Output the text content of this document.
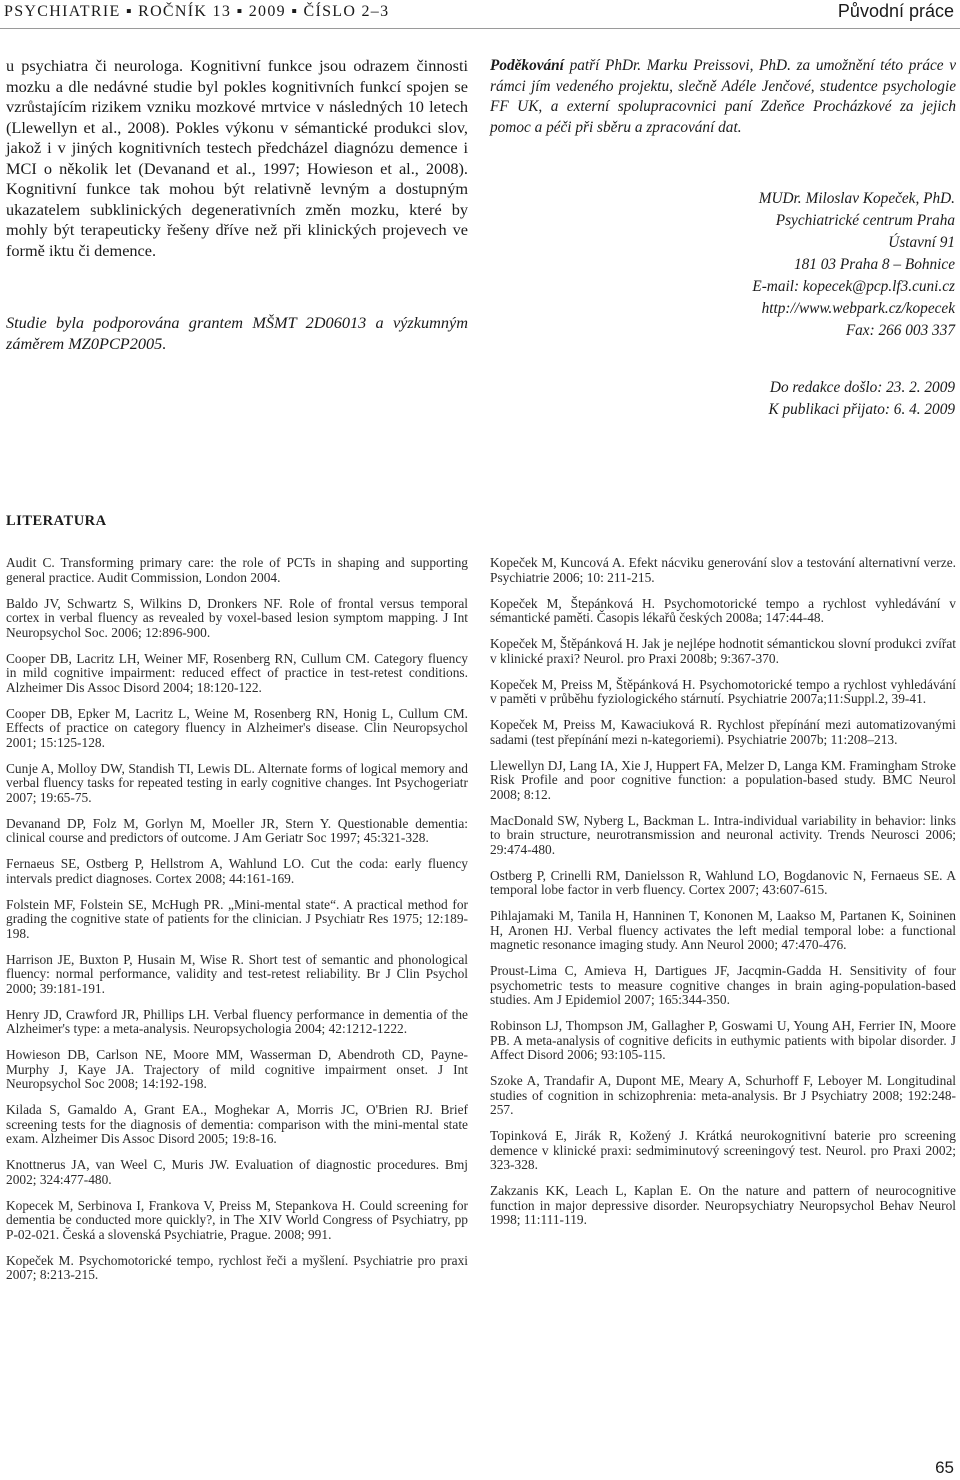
PSYCHIATRIE ▪ ROČNÍK 13 ▪ 2009 ▪ ČÍSLO 2–3	Původní práce
u psychiatra či neurologa. Kognitivní funkce jsou odrazem činnosti mozku a dle nedávné studie byl pokles kognitivních funkcí spojen se vzrůstajícím rizikem vzniku mozkové mrtvice v následných 10 letech (Llewellyn et al., 2008). Pokles výkonu v sémantické produkci slov, jakož i v jiných kognitivních testech předcházel diagnózu demence i MCI o několik let (Devanand et al., 1997; Howieson et al., 2008). Kognitivní funkce tak mohou být relativně levným a dostupným ukazatelem subklinických degenerativních změn mozku, které by mohly být terapeuticky řešeny dříve než při klinických projevech ve formě iktu či demence.
Studie byla podporována grantem MŠMT 2D06013 a výzkumným záměrem MZ0PCP2005.
Poděkování patří PhDr. Marku Preissovi, PhD. za umožnění této práce v rámci jím vedeného projektu, slečně Adéle Jenčové, studentce psychologie FF UK, a externí spolupracovnici paní Zdeňce Procházkové za jejich pomoc a péči při sběru a zpracování dat.
MUDr. Miloslav Kopeček, PhD.
Psychiatrické centrum Praha
Ústavní 91
181 03 Praha 8 – Bohnice
E-mail: kopecek@pcp.lf3.cuni.cz
http://www.webpark.cz/kopecek
Fax: 266 003 337
Do redakce došlo: 23. 2. 2009
K publikaci přijato: 6. 4. 2009
LITERATURA
Audit C. Transforming primary care: the role of PCTs in shaping and supporting general practice. Audit Commission, London 2004.
Baldo JV, Schwartz S, Wilkins D, Dronkers NF. Role of frontal versus temporal cortex in verbal fluency as revealed by voxel-based lesion symptom mapping. J Int Neuropsychol Soc. 2006; 12:896-900.
Cooper DB, Lacritz LH, Weiner MF, Rosenberg RN, Cullum CM. Category fluency in mild cognitive impairment: reduced effect of practice in test-retest conditions. Alzheimer Dis Assoc Disord 2004; 18:120-122.
Cooper DB, Epker M, Lacritz L, Weine M, Rosenberg RN, Honig L, Cullum CM. Effects of practice on category fluency in Alzheimer's disease. Clin Neuropsychol 2001; 15:125-128.
Cunje A, Molloy DW, Standish TI, Lewis DL. Alternate forms of logical memory and verbal fluency tasks for repeated testing in early cognitive changes. Int Psychogeriatr 2007; 19:65-75.
Devanand DP, Folz M, Gorlyn M, Moeller JR, Stern Y. Questionable dementia: clinical course and predictors of outcome. J Am Geriatr Soc 1997; 45:321-328.
Fernaeus SE, Ostberg P, Hellstrom A, Wahlund LO. Cut the coda: early fluency intervals predict diagnoses. Cortex 2008; 44:161-169.
Folstein MF, Folstein SE, McHugh PR. „Mini-mental state“. A practical method for grading the cognitive state of patients for the clinician. J Psychiatr Res 1975; 12:189-198.
Harrison JE, Buxton P, Husain M, Wise R. Short test of semantic and phonological fluency: normal performance, validity and test-retest reliability. Br J Clin Psychol 2000; 39:181-191.
Henry JD, Crawford JR, Phillips LH. Verbal fluency performance in dementia of the Alzheimer's type: a meta-analysis. Neuropsychologia 2004; 42:1212-1222.
Howieson DB, Carlson NE, Moore MM, Wasserman D, Abendroth CD, Payne-Murphy J, Kaye JA. Trajectory of mild cognitive impairment onset. J Int Neuropsychol Soc 2008; 14:192-198.
Kilada S, Gamaldo A, Grant EA., Moghekar A, Morris JC, O'Brien RJ. Brief screening tests for the diagnosis of dementia: comparison with the mini-mental state exam. Alzheimer Dis Assoc Disord 2005; 19:8-16.
Knottnerus JA, van Weel C, Muris JW. Evaluation of diagnostic procedures. Bmj 2002; 324:477-480.
Kopecek M, Serbinova I, Frankova V, Preiss M, Stepankova H. Could screening for dementia be conducted more quickly?, in The XIV World Congress of Psychiatry, pp P-02-021. Česká a slovenská Psychiatrie, Prague. 2008; 991.
Kopeček M. Psychomotorické tempo, rychlost řeči a myšlení. Psychiatrie pro praxi 2007; 8:213-215.
Kopeček M, Kuncová A. Efekt nácviku generování slov a testování alternativní verze. Psychiatrie 2006; 10: 211-215.
Kopeček M, Štepánková H. Psychomotorické tempo a rychlost vyhledávání v sémantické paměti. Časopis lékařů českých 2008a; 147:44-48.
Kopeček M, Štěpánková H. Jak je nejlépe hodnotit sémantickou slovní produkci zvířat v klinické praxi? Neurol. pro Praxi 2008b; 9:367-370.
Kopeček M, Preiss M, Štěpánková H. Psychomotorické tempo a rychlost vyhledávání v paměti v průběhu fyziologického stárnutí. Psychiatrie 2007a;11:Suppl.2, 39-41.
Kopeček M, Preiss M, Kawaciuková R. Rychlost přepínání mezi automatizovanými sadami (test přepínání mezi n-kategoriemi). Psychiatrie 2007b; 11:208–213.
Llewellyn DJ, Lang IA, Xie J, Huppert FA, Melzer D, Langa KM. Framingham Stroke Risk Profile and poor cognitive function: a population-based study. BMC Neurol 2008; 8:12.
MacDonald SW, Nyberg L, Backman L. Intra-individual variability in behavior: links to brain structure, neurotransmission and neuronal activity. Trends Neurosci 2006; 29:474-480.
Ostberg P, Crinelli RM, Danielsson R, Wahlund LO, Bogdanovic N, Fernaeus SE. A temporal lobe factor in verb fluency. Cortex 2007; 43:607-615.
Pihlajamaki M, Tanila H, Hanninen T, Kononen M, Laakso M, Partanen K, Soininen H, Aronen HJ. Verbal fluency activates the left medial temporal lobe: a functional magnetic resonance imaging study. Ann Neurol 2000; 47:470-476.
Proust-Lima C, Amieva H, Dartigues JF, Jacqmin-Gadda H. Sensitivity of four psychometric tests to measure cognitive changes in brain aging-population-based studies. Am J Epidemiol 2007; 165:344-350.
Robinson LJ, Thompson JM, Gallagher P, Goswami U, Young AH, Ferrier IN, Moore PB. A meta-analysis of cognitive deficits in euthymic patients with bipolar disorder. J Affect Disord 2006; 93:105-115.
Szoke A, Trandafir A, Dupont ME, Meary A, Schurhoff F, Leboyer M. Longitudinal studies of cognition in schizophrenia: meta-analysis. Br J Psychiatry 2008; 192:248-257.
Topinková E, Jirák R, Kožený J. Krátká neurokognitivní baterie pro screening demence v klinické praxi: sedmiminutový screeningový test. Neurol. pro Praxi 2002; 323-328.
Zakzanis KK, Leach L, Kaplan E. On the nature and pattern of neurocognitive function in major depressive disorder. Neuropsychiatry Neuropsychol Behav Neurol 1998; 11:111-119.
65
